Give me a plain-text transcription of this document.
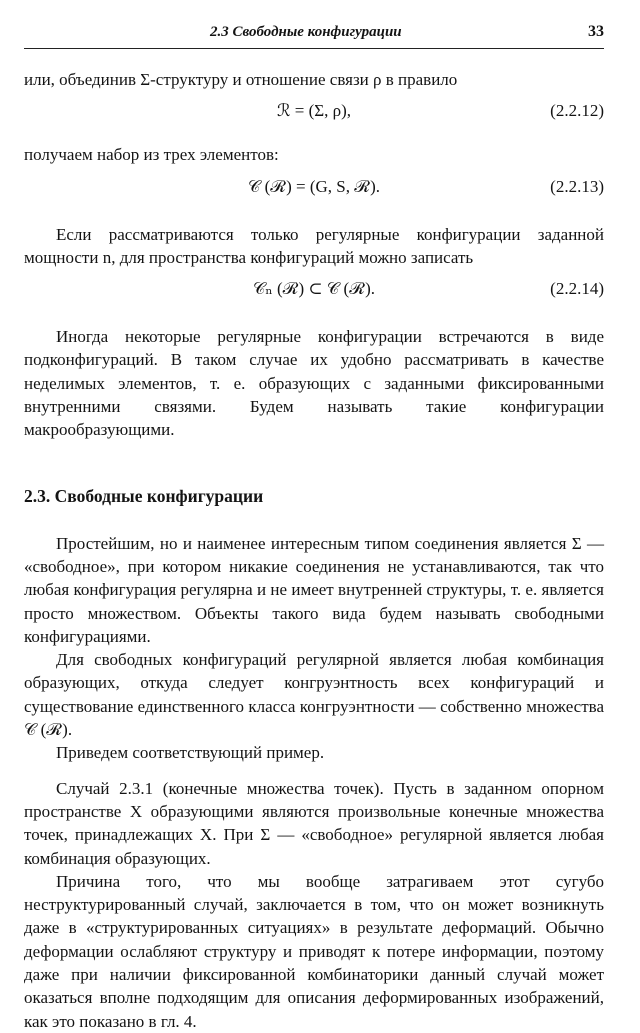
2.3 Свободные конфигурации	33

или, объединив Σ-структуру и отношение связи ρ в правило

ℛ = (Σ, ρ),	(2.2.12)

получаем набор из трех элементов:

𝒞 (ℛ) = (G, S, ℛ).	(2.2.13)

Если рассматриваются только регулярные конфигурации заданной мощности n, для пространства конфигураций можно записать

𝒞ₙ (ℛ) ⊂ 𝒞 (ℛ).	(2.2.14)

Иногда некоторые регулярные конфигурации встречаются в виде подконфигураций. В таком случае их удобно рассматривать в качестве неделимых элементов, т. е. образующих с заданными фиксированными внутренними связями. Будем называть такие конфигурации макрообразующими.

2.3. Свободные конфигурации

Простейшим, но и наименее интересным типом соединения является Σ — «свободное», при котором никакие соединения не устанавливаются, так что любая конфигурация регулярна и не имеет внутренней структуры, т. е. является просто множеством. Объекты такого вида будем называть свободными конфигурациями.

Для свободных конфигураций регулярной является любая комбинация образующих, откуда следует конгруэнтность всех конфигураций и существование единственного класса конгруэнтности — собственно множества 𝒞 (ℛ).

Приведем соответствующий пример.

Случай 2.3.1 (конечные множества точек). Пусть в заданном опорном пространстве X образующими являются произвольные конечные множества точек, принадлежащих X. При Σ — «свободное» регулярной является любая комбинация образующих.

Причина того, что мы вообще затрагиваем этот сугубо неструктурированный случай, заключается в том, что он может возникнуть даже в «структурированных ситуациях» в результате деформаций. Обычно деформации ослабляют структуру и приводят к потере информации, поэтому даже при наличии фиксированной комбинаторики данный случай может оказаться вполне подходящим для описания деформированных изображений, как это показано в гл. 4.
